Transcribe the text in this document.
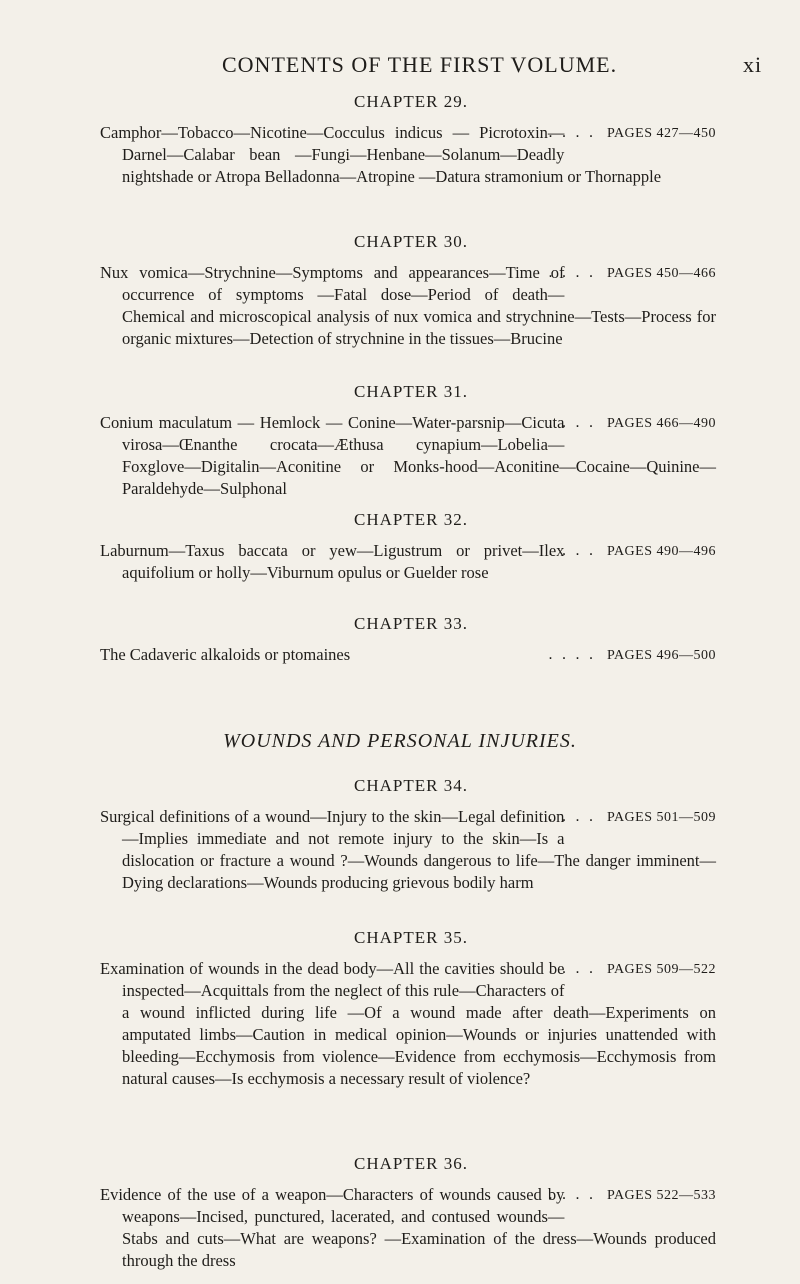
CONTENTS OF THE FIRST VOLUME.	xi
CHAPTER 29.

.  . PAGES 427—450
Camphor—Tobacco—Nicotine—Cocculus indicus — Picrotoxin—Darnel—Calabar bean —Fungi—Henbane—Solanum—Deadly nightshade or Atropa Belladonna—Atropine —Datura stramonium or Thornapple

CHAPTER 30.

.  . PAGES 450—466
Nux vomica—Strychnine—Symptoms and appearances—Time of occurrence of symptoms —Fatal dose—Period of death—Chemical and microscopical analysis of nux vomica and strychnine—Tests—Process for organic mixtures—Detection of strychnine in the tissues—Brucine

CHAPTER 31.

.  . PAGES 466—490
Conium maculatum — Hemlock — Conine—Water-parsnip—Cicuta virosa—Œnanthe crocata—Æthusa cynapium—Lobelia—Foxglove—Digitalin—Aconitine or Monks-hood—Aconitine—Cocaine—Quinine—Paraldehyde—Sulphonal

CHAPTER 32.

.  . PAGES 490—496
Laburnum—Taxus baccata or yew—Ligustrum or privet—Ilex aquifolium or holly—Viburnum opulus or Guelder rose

CHAPTER 33.

.  . PAGES 496—500
The Cadaveric alkaloids or ptomaines

WOUNDS AND PERSONAL INJURIES.
CHAPTER 34.

.  . PAGES 501—509
Surgical definitions of a wound—Injury to the skin—Legal definition—Implies immediate and not remote injury to the skin—Is a dislocation or fracture a wound ?—Wounds dangerous to life—The danger imminent—Dying declarations—Wounds producing grievous bodily harm

CHAPTER 35.

.  . PAGES 509—522
Examination of wounds in the dead body—All the cavities should be inspected—Acquittals from the neglect of this rule—Characters of a wound inflicted during life —Of a wound made after death—Experiments on amputated limbs—Caution in medical opinion—Wounds or injuries unattended with bleeding—Ecchymosis from violence—Evidence from ecchymosis—Ecchymosis from natural causes—Is ecchymosis a necessary result of violence?

CHAPTER 36.

.  . PAGES 522—533
Evidence of the use of a weapon—Characters of wounds caused by weapons—Incised, punctured, lacerated, and contused wounds—Stabs and cuts—What are weapons? —Examination of the dress—Wounds produced through the dress
